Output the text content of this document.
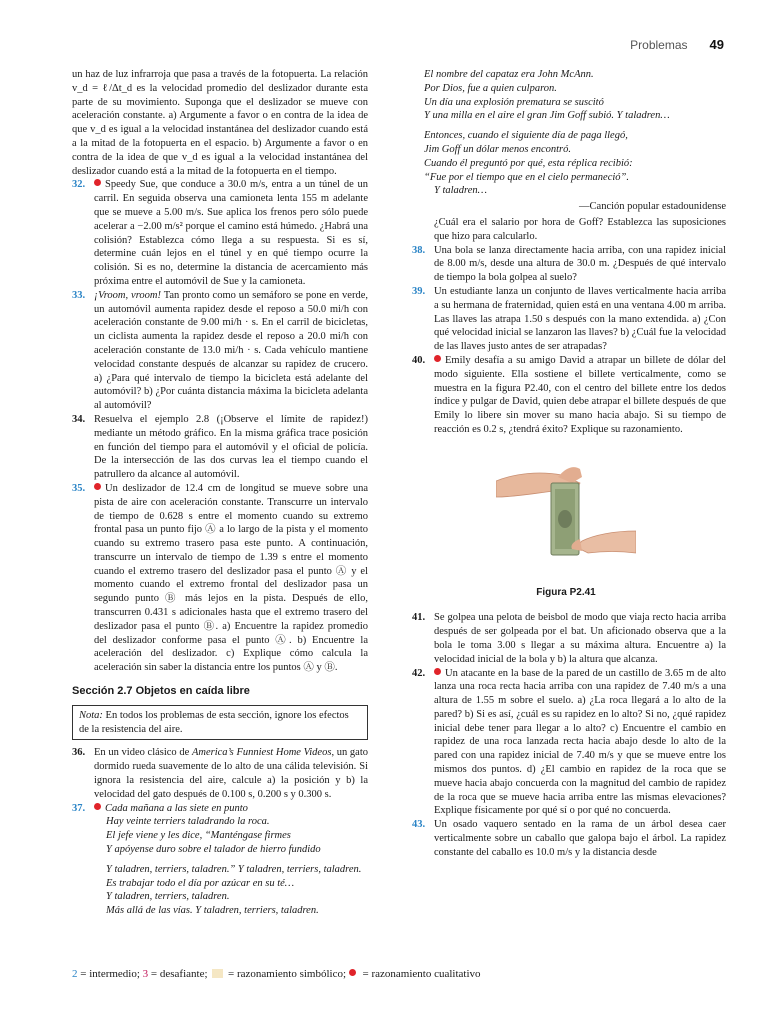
Problemas 49

un haz de luz infrarroja que pasa a través de la fotopuerta. La relación v_d = ℓ/Δt_d es la velocidad promedio del deslizador durante esta parte de su movimiento. Suponga que el deslizador se mueve con aceleración constante. a) Argumente a favor o en contra de la idea de que v_d es igual a la velocidad instantánea del deslizador cuando está a la mitad de la fotopuerta en el espacio. b) Argumente a favor o en contra de la idea de que v_d es igual a la velocidad instantánea del deslizador cuando está a la mitad de la fotopuerta en el tiempo.

32. Speedy Sue, que conduce a 30.0 m/s, entra a un túnel de un carril. En seguida observa una camioneta lenta 155 m adelante que se mueve a 5.00 m/s. Sue aplica los frenos pero sólo puede acelerar a −2.00 m/s² porque el camino está húmedo. ¿Habrá una colisión? Establezca cómo llega a su respuesta. Si es sí, determine cuán lejos en el túnel y en qué tiempo ocurre la colisión. Si es no, determine la distancia de acercamiento más próxima entre el automóvil de Sue y la camioneta.

33. ¡Vroom, vroom! Tan pronto como un semáforo se pone en verde, un automóvil aumenta rapidez desde el reposo a 50.0 mi/h con aceleración constante de 9.00 mi/h · s. En el carril de bicicletas, un ciclista aumenta la rapidez desde el reposo a 20.0 mi/h con aceleración constante de 13.0 mi/h · s. Cada vehículo mantiene velocidad constante después de alcanzar su rapidez de crucero. a) ¿Para qué intervalo de tiempo la bicicleta está adelante del automóvil? b) ¿Por cuánta distancia máxima la bicicleta adelanta al automóvil?

34. Resuelva el ejemplo 2.8 (¡Observe el límite de rapidez!) mediante un método gráfico. En la misma gráfica trace posición en función del tiempo para el automóvil y el oficial de policía. De la intersección de las dos curvas lea el tiempo cuando el patrullero da alcance al automóvil.

35. Un deslizador de 12.4 cm de longitud se mueve sobre una pista de aire con aceleración constante. Transcurre un intervalo de tiempo de 0.628 s entre el momento cuando su extremo frontal pasa un punto fijo Ⓐ a lo largo de la pista y el momento cuando su extremo trasero pasa este punto. A continuación, transcurre un intervalo de tiempo de 1.39 s entre el momento cuando el extremo trasero del deslizador pasa el punto Ⓐ y el momento cuando el extremo frontal del deslizador pasa un segundo punto Ⓑ más lejos en la pista. Después de ello, transcurren 0.431 s adicionales hasta que el extremo trasero del deslizador pasa el punto Ⓑ. a) Encuentre la rapidez promedio del deslizador conforme pasa el punto Ⓐ. b) Encuentre la aceleración del deslizador. c) Explique cómo calcula la aceleración sin saber la distancia entre los puntos Ⓐ y Ⓑ.

Sección 2.7 Objetos en caída libre
Nota: En todos los problemas de esta sección, ignore los efectos de la resistencia del aire.

36. En un video clásico de America’s Funniest Home Videos, un gato dormido rueda suavemente de lo alto de una cálida televisión. Si ignora la resistencia del aire, calcule a) la posición y b) la velocidad del gato después de 0.100 s, 0.200 s y 0.300 s.

37.	Cada mañana a las siete en punto
Hay veinte terriers taladrando la roca.
El jefe viene y les dice, “Manténgase firmes
Y apóyense duro sobre el talador de hierro fundido
Y taladren, terriers, taladren.” Y taladren, terriers, taladren.
Es trabajar todo el día por azúcar en su té…
Y taladren, terriers, taladren.
Más allá de las vías. Y taladren, terriers, taladren.
El nombre del capataz era John McAnn.
Por Dios, fue a quien culparon.
Un día una explosión prematura se suscitó
Y una milla en el aire el gran Jim Goff subió. Y taladren…
Entonces, cuando el siguiente día de paga llegó,
Jim Goff un dólar menos encontró.
Cuando él preguntó por qué, esta réplica recibió:
“Fue por el tiempo que en el cielo permaneció”.
Y taladren…
—Canción popular estadounidense

¿Cuál era el salario por hora de Goff? Establezca las suposiciones que hizo para calcularlo.

38. Una bola se lanza directamente hacia arriba, con una rapidez inicial de 8.00 m/s, desde una altura de 30.0 m. ¿Después de qué intervalo de tiempo la bola golpea al suelo?

39. Un estudiante lanza un conjunto de llaves verticalmente hacia arriba a su hermana de fraternidad, quien está en una ventana 4.00 m arriba. Las llaves las atrapa 1.50 s después con la mano extendida. a) ¿Con qué velocidad inicial se lanzaron las llaves? b) ¿Cuál fue la velocidad de las llaves justo antes de ser atrapadas?

40. Emily desafía a su amigo David a atrapar un billete de dólar del modo siguiente. Ella sostiene el billete verticalmente, como se muestra en la figura P2.40, con el centro del billete entre los dedos índice y pulgar de David, quien debe atrapar el billete después de que Emily lo libere sin mover su mano hacia abajo. Si su tiempo de reacción es 0.2 s, ¿tendrá éxito? Explique su razonamiento.

Figura P2.41

41. Se golpea una pelota de beisbol de modo que viaja recto hacia arriba después de ser golpeada por el bat. Un aficionado observa que a la bola le toma 3.00 s llegar a su máxima altura. Encuentre a) la velocidad inicial de la bola y b) la altura que alcanza.

42. Un atacante en la base de la pared de un castillo de 3.65 m de alto lanza una roca recta hacia arriba con una rapidez de 7.40 m/s a una altura de 1.55 m sobre el suelo. a) ¿La roca llegará a lo alto de la pared? b) Si es así, ¿cuál es su rapidez en lo alto? Si no, ¿qué rapidez inicial debe tener para llegar a lo alto? c) Encuentre el cambio en rapidez de una roca lanzada recta hacia abajo desde lo alto de la pared con una rapidez inicial de 7.40 m/s y que se mueve entre los mismos dos puntos. d) ¿El cambio en rapidez de la roca que se mueve hacia abajo concuerda con la magnitud del cambio de rapidez de la roca que se mueve hacia arriba entre las mismas elevaciones? Explique físicamente por qué sí o por qué no concuerda.

43. Un osado vaquero sentado en la rama de un árbol desea caer verticalmente sobre un caballo que galopa bajo el árbol. La rapidez constante del caballo es 10.0 m/s y la distancia desde

2 = intermedio; 3 = desafiante;  = razonamiento simbólico;  = razonamiento cualitativo
